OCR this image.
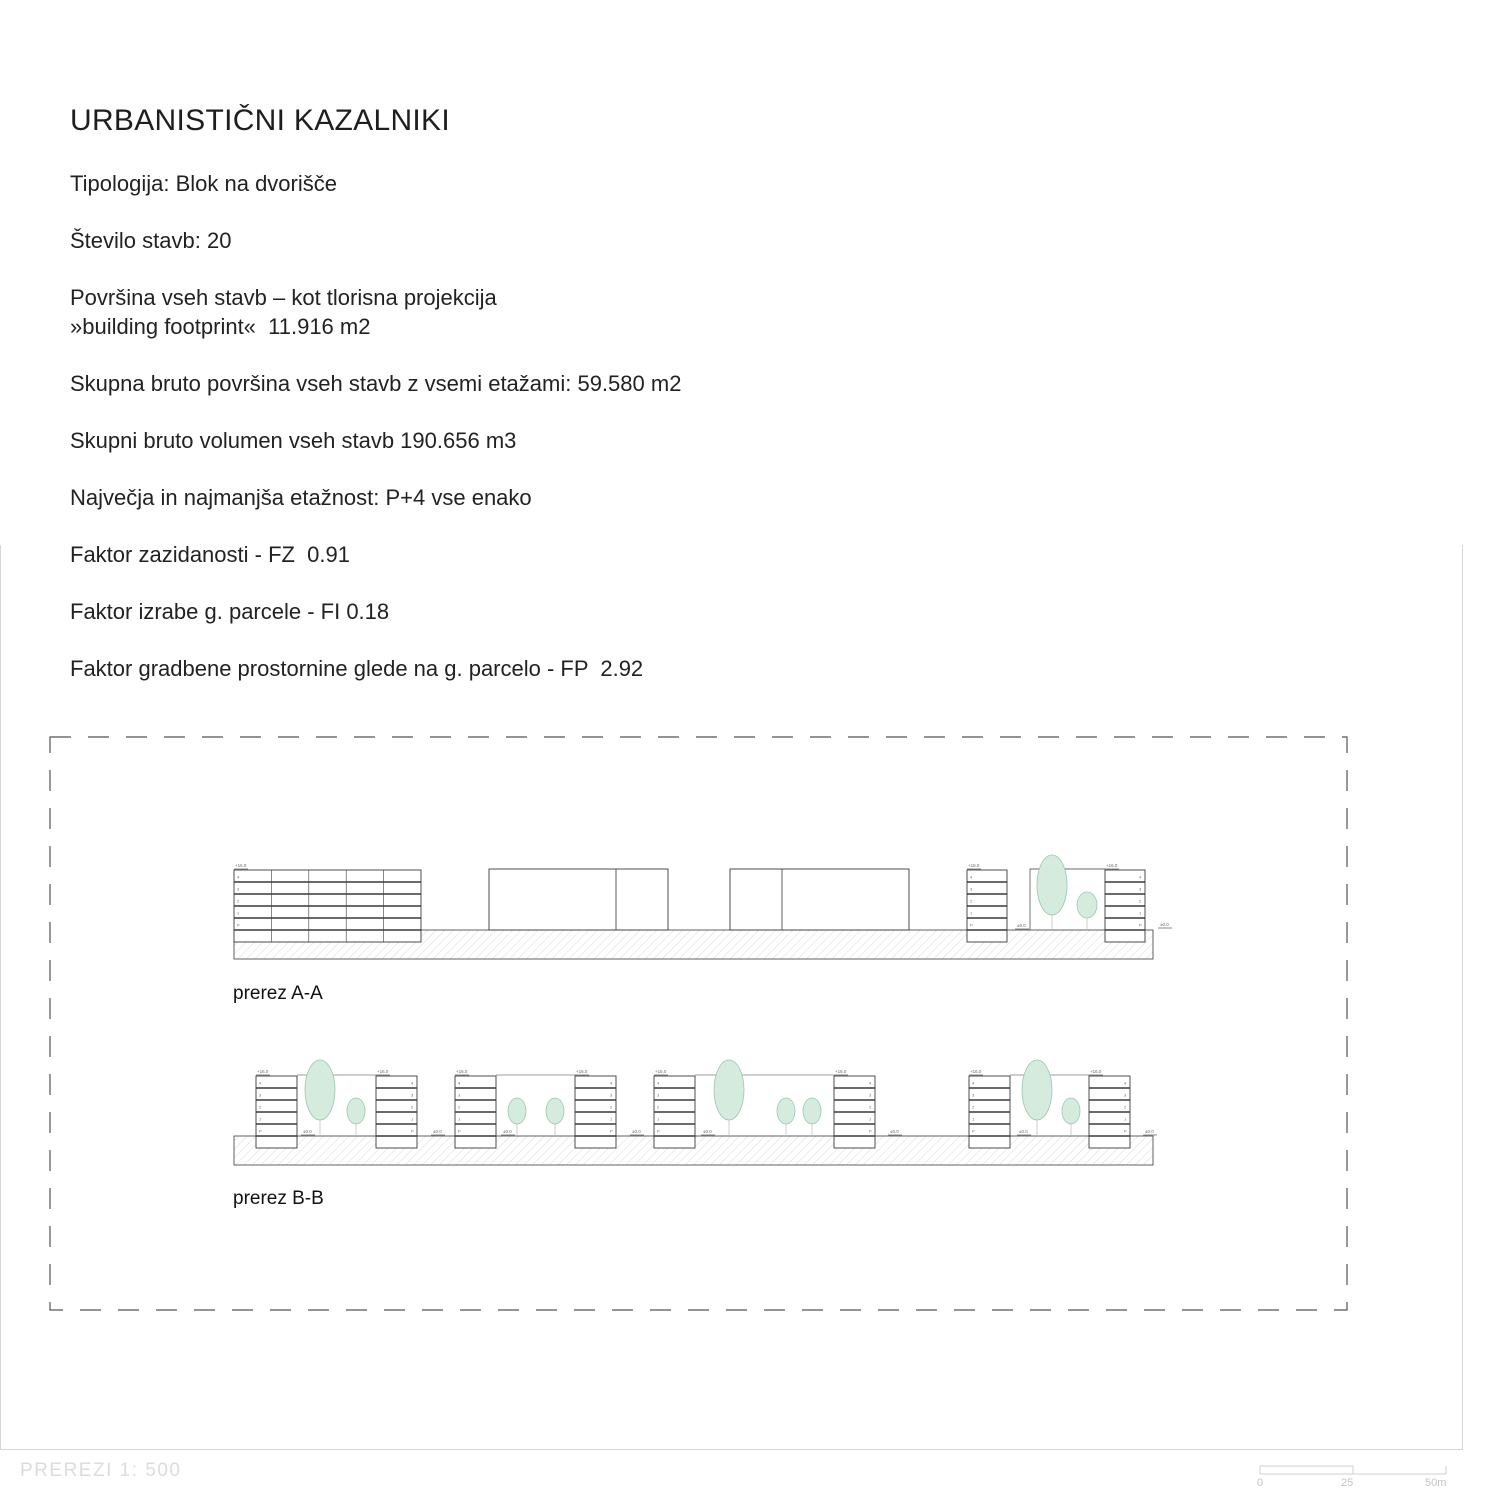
URBANISTIČNI KAZALNIKI

Tipologija: Blok na dvorišče

Število stavb: 20

Površina vseh stavb – kot tlorisna projekcija
»building footprint«  11.916 m2

Skupna bruto površina vseh stavb z vsemi etažami: 59.580 m2

Skupni bruto volumen vseh stavb 190.656 m3

Največja in najmanjša etažnost: P+4 vse enako

Faktor zazidanosti - FZ  0.91

Faktor izrabe g. parcele - FI 0.18

Faktor gradbene prostornine glede na g. parcelo - FP  2.92

4
3
2
1
P
+16.0
4
3
2
1
P
+16.0
4
3
2
1
P
+16.0
±0.0	±0.0
4
3
2
1
P
+16.0
4
3
2
1
P
+16.0
4
3
2
1
P
+16.0
4
3
2
1
P
+16.0
4
3
2
1
P
+16.0
4
3
2
1
P
+16.0
4
3
2
1
P
+16.0
4
3
2
1
P
+16.0
±0.0	±0.0	±0.0	±0.0	±0.0	±0.0	±0.0	±0.0
prerez A-A
prerez B-B
PREREZI 1: 500
0	25	50m
